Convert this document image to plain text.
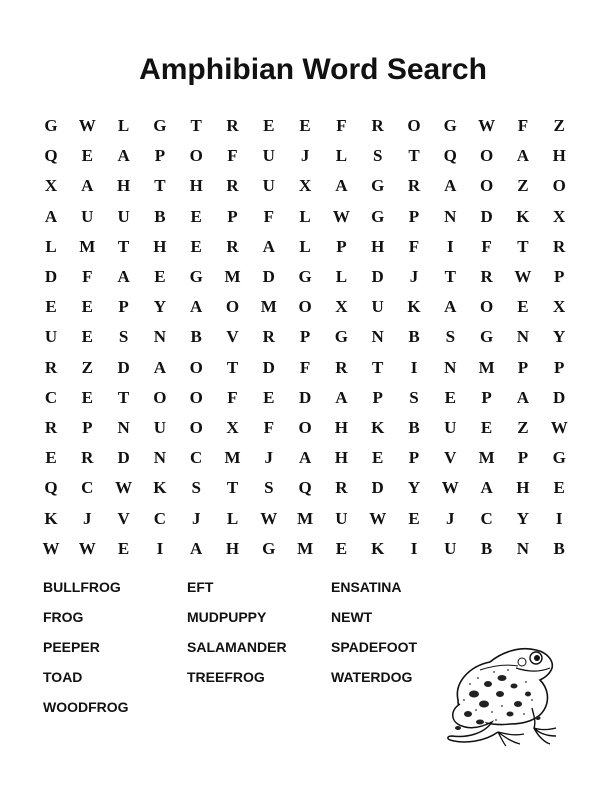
Amphibian Word Search
G	W	L	G	T	R	E	E	F	R	O	G	W	F	Z
Q	E	A	P	O	F	U	J	L	S	T	Q	O	A	H
X	A	H	T	H	R	U	X	A	G	R	A	O	Z	O
A	U	U	B	E	P	F	L	W	G	P	N	D	K	X
L	M	T	H	E	R	A	L	P	H	F	I	F	T	R
D	F	A	E	G	M	D	G	L	D	J	T	R	W	P
E	E	P	Y	A	O	M	O	X	U	K	A	O	E	X
U	E	S	N	B	V	R	P	G	N	B	S	G	N	Y
R	Z	D	A	O	T	D	F	R	T	I	N	M	P	P
C	E	T	O	O	F	E	D	A	P	S	E	P	A	D
R	P	N	U	O	X	F	O	H	K	B	U	E	Z	W
E	R	D	N	C	M	J	A	H	E	P	V	M	P	G
Q	C	W	K	S	T	S	Q	R	D	Y	W	A	H	E
K	J	V	C	J	L	W	M	U	W	E	J	C	Y	I
W	W	E	I	A	H	G	M	E	K	I	U	B	N	B
BULLFROG	EFT	ENSATINA
FROG	MUDPUPPY	NEWT
PEEPER	SALAMANDER	SPADEFOOT
TOAD	TREEFROG	WATERDOG
WOODFROG
